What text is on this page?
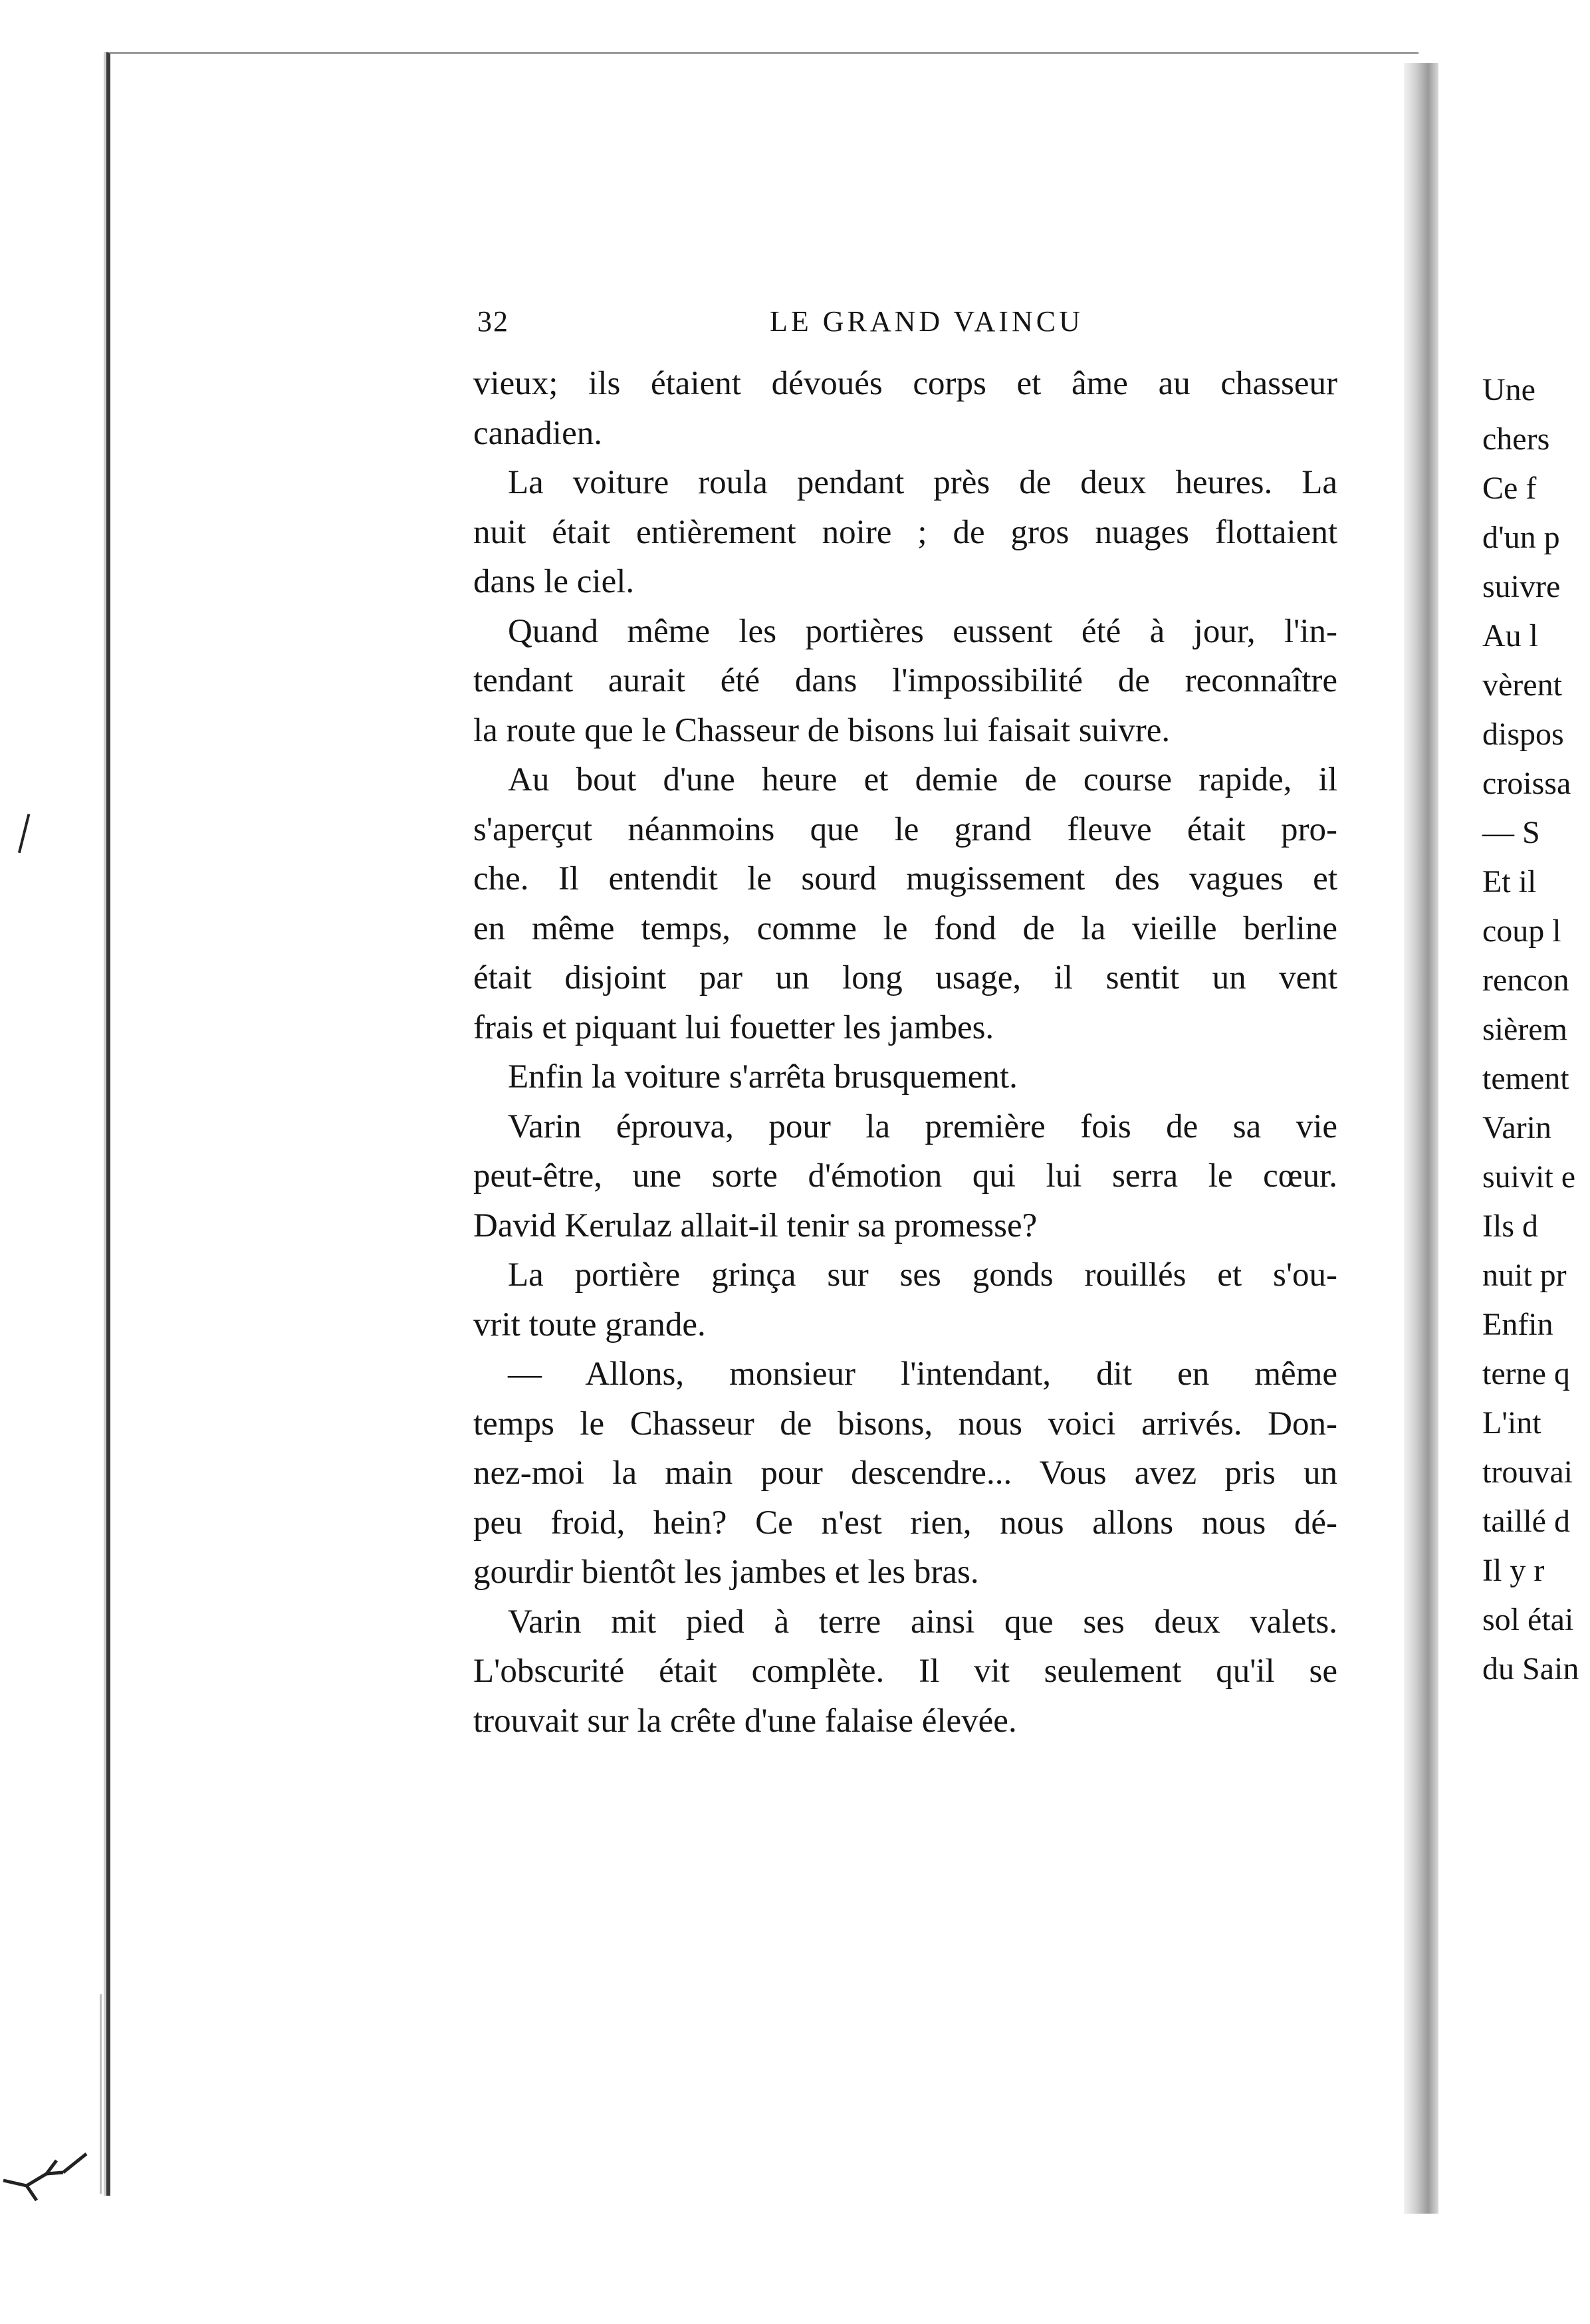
32	LE GRAND VAINCU
vieux; ils étaient dévoués corps et âme au chasseur
canadien.
La voiture roula pendant près de deux heures. La
nuit était entièrement noire ; de gros nuages flottaient
dans le ciel.
Quand même les portières eussent été à jour, l'in-
tendant aurait été dans l'impossibilité de reconnaître
la route que le Chasseur de bisons lui faisait suivre.
Au bout d'une heure et demie de course rapide, il
s'aperçut néanmoins que le grand fleuve était pro-
che. Il entendit le sourd mugissement des vagues et
en même temps, comme le fond de la vieille berline
était disjoint par un long usage, il sentit un vent
frais et piquant lui fouetter les jambes.
Enfin la voiture s'arrêta brusquement.
Varin éprouva, pour la première fois de sa vie
peut-être, une sorte d'émotion qui lui serra le cœur.
David Kerulaz allait-il tenir sa promesse?
La portière grinça sur ses gonds rouillés et s'ou-
vrit toute grande.
— Allons, monsieur l'intendant, dit en même
temps le Chasseur de bisons, nous voici arrivés. Don-
nez-moi la main pour descendre... Vous avez pris un
peu froid, hein? Ce n'est rien, nous allons nous dé-
gourdir bientôt les jambes et les bras.
Varin mit pied à terre ainsi que ses deux valets.
L'obscurité était complète. Il vit seulement qu'il se
trouvait sur la crête d'une falaise élevée.
Une
chers
Ce f
d'un p
suivre
Au l
vèrent
dispos
croissa
— S
Et il
coup l
rencon
sièrem
tement
Varin
suivit e
Ils d
nuit pr
Enfin
terne q
L'int
trouvai
taillé d
Il y r
sol étai
du Sain
